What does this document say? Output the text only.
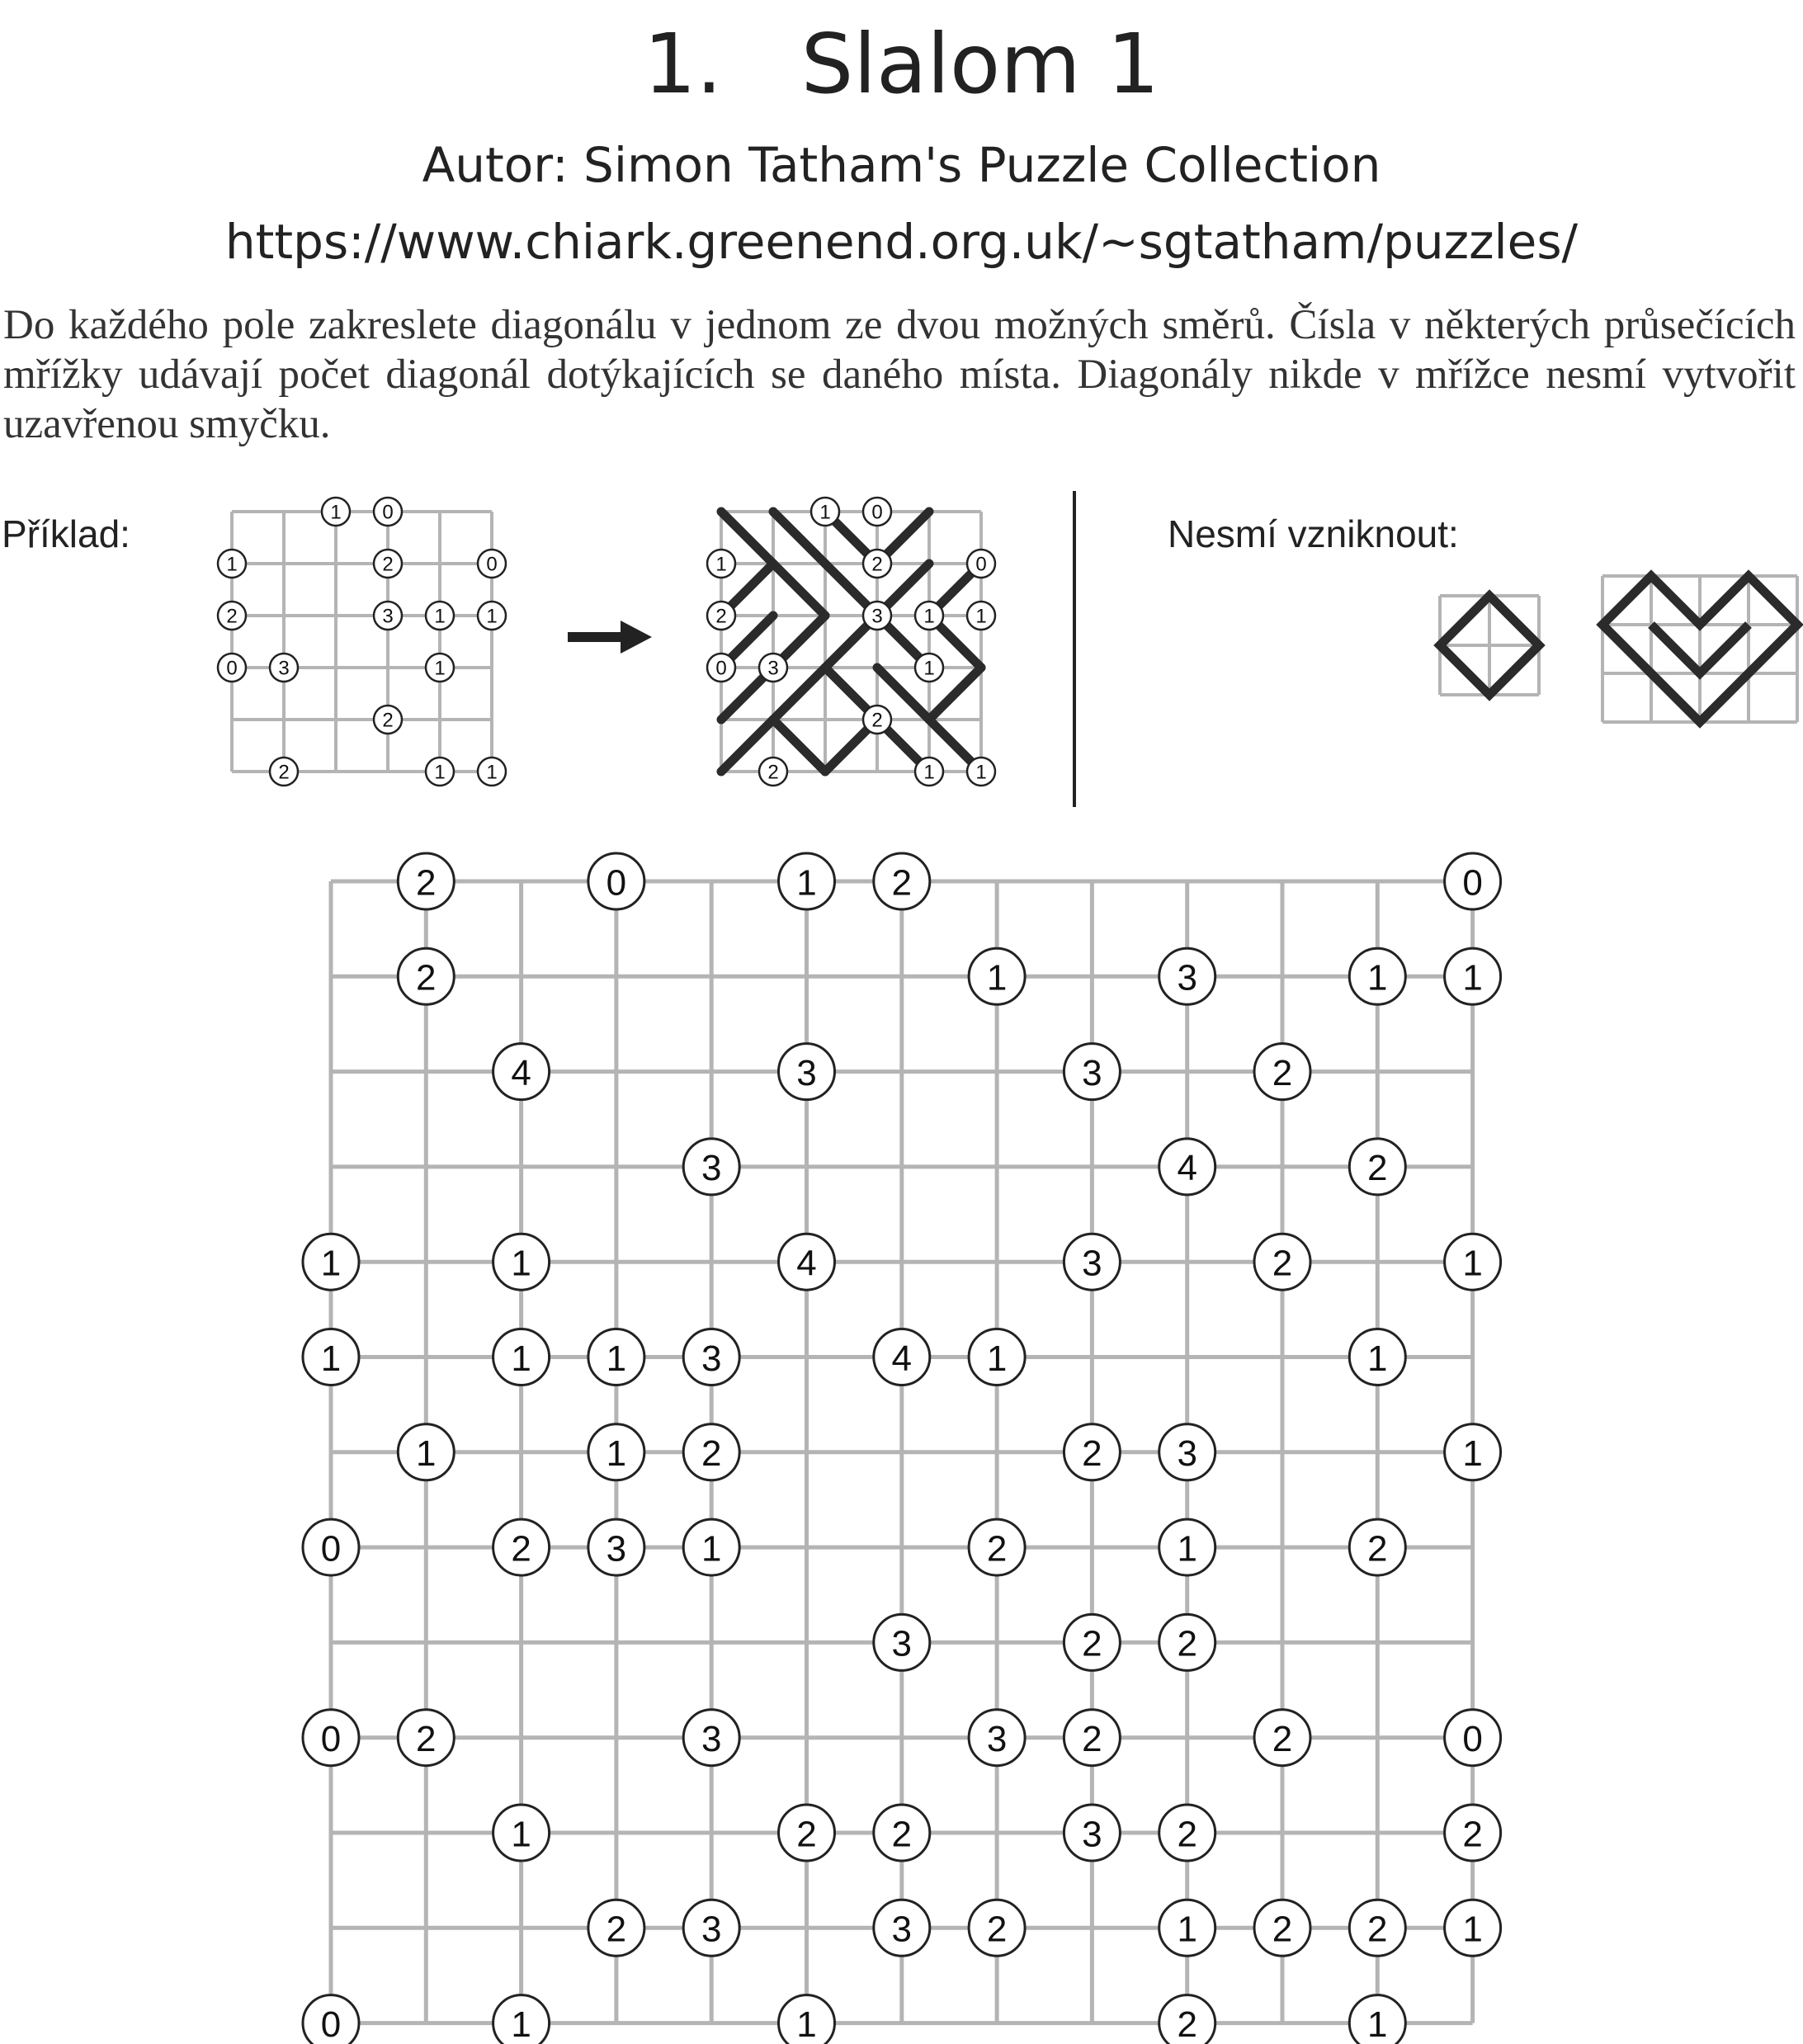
1. Slalom 1
Autor: Simon Tatham's Puzzle Collection
https://www.chiark.greenend.org.uk/~sgtatham/puzzles/

Do každého pole zakreslete diagonálu v jednom ze dvou možných směrů. Čísla v některých průsečících mřížky udávají počet diagonál dotýkajících se daného místa. Diagonály nikde v mřížce nesmí vytvořit uzavřenou smyčku.

Příklad:	Nesmí vzniknout:
1 0
1	2	0
2	3 1 1
0 3	1
2
2	1 1
1 0
1	2	0
2	3 1 1
0 3	1
2
2	1 1
2	0	1 2	0
2	1	3	1 1
4	3	3	2
3	4	2
1	1	4	3	2	1
1	1 1 3	4 1	1
1	1 2	2 3	1
0	2 3 1	2	1	2
3	2 2
0 2	3	3 2	2	0
1	2 2	3 2	2
2 3	3 2	1 2 2 1
0	1	1	2	1
